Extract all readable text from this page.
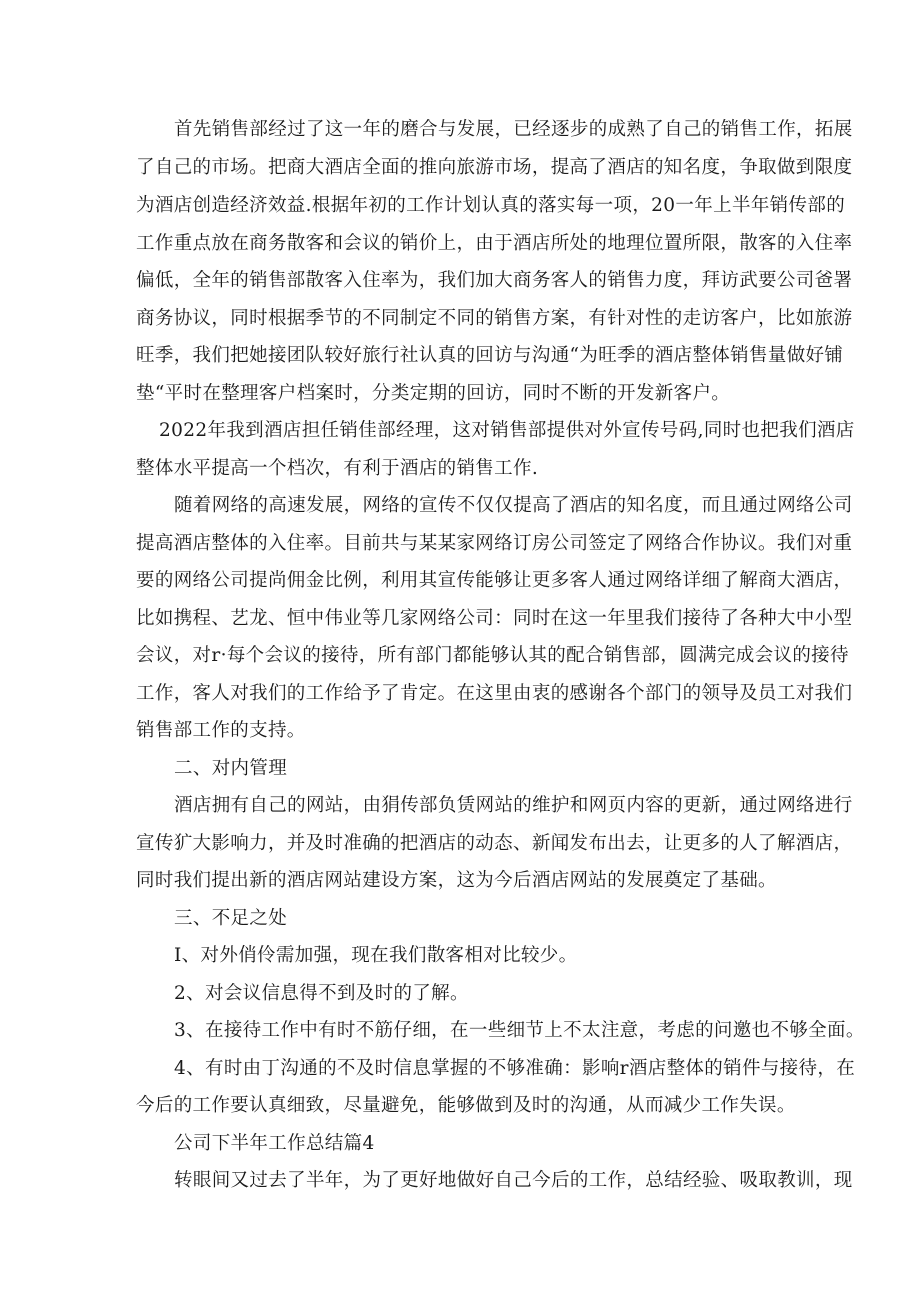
首先销售部经过了这一年的磨合与发展，已经逐步的成熟了自己的销售工作，拓展
了自己的市场。把商大酒店全面的推向旅游市场，提高了酒店的知名度，争取做到限度
为酒店创造经济效益.根据年初的工作计划认真的落实每一项，20一年上半年销传部的
工作重点放在商务散客和会议的销价上，由于酒店所处的地理位置所限，散客的入住率
偏低，全年的销售部散客入住率为，我们加大商务客人的销售力度，拜访武要公司爸署
商务协议，同时根据季节的不同制定不同的销售方案，有针对性的走访客户，比如旅游
旺季，我们把她接团队较好旅行社认真的回访与沟通“为旺季的酒店整体销售量做好铺
垫“平时在整理客户档案时，分类定期的回访，同时不断的开发新客户。
2022年我到酒店担任销佳部经理，这对销售部提供对外宣传号码,同时也把我们酒店
整体水平提高一个档次，有利于酒店的销售工作.
随着网络的高速发展，网络的宣传不仅仅提高了酒店的知名度，而且通过网络公司
提高酒店整体的入住率。目前共与某某家网络订房公司签定了网络合作协议。我们对重
要的网络公司提尚佣金比例，利用其宣传能够让更多客人通过网络详细了解商大酒店，
比如携程、艺龙、恒中伟业等几家网络公司：同时在这一年里我们接待了各种大中小型
会议，对r·每个会议的接待，所有部门都能够认其的配合销售部，圆满完成会议的接待
工作，客人对我们的工作给予了肯定。在这里由衷的感谢各个部门的领导及员工对我们
销售部工作的支持。
二、对内管理
酒店拥有自己的网站，由狷传部负赁网站的维护和网页内容的更新，通过网络进行
宣传犷大影响力，并及时准确的把酒店的动态、新闻发布出去，让更多的人了解酒店，
同时我们提出新的酒店网站建设方案，这为今后酒店网站的发展奠定了基础。
三、不足之处
I、对外俏伶需加强，现在我们散客相对比较少。
2、对会议信息得不到及时的了解。
3、在接待工作中有时不筋仔细，在一些细节上不太注意，考虑的问邀也不够全面。
4、有时由丁沟通的不及时信息掌握的不够准确：影响r酒店整体的销件与接待，在
今后的工作要认真细致，尽量避免，能够做到及时的沟通，从而减少工作失误。
公司下半年工作总结篇4
转眼间又过去了半年，为了更好地做好自己今后的工作，总结经验、吸取教训，现
